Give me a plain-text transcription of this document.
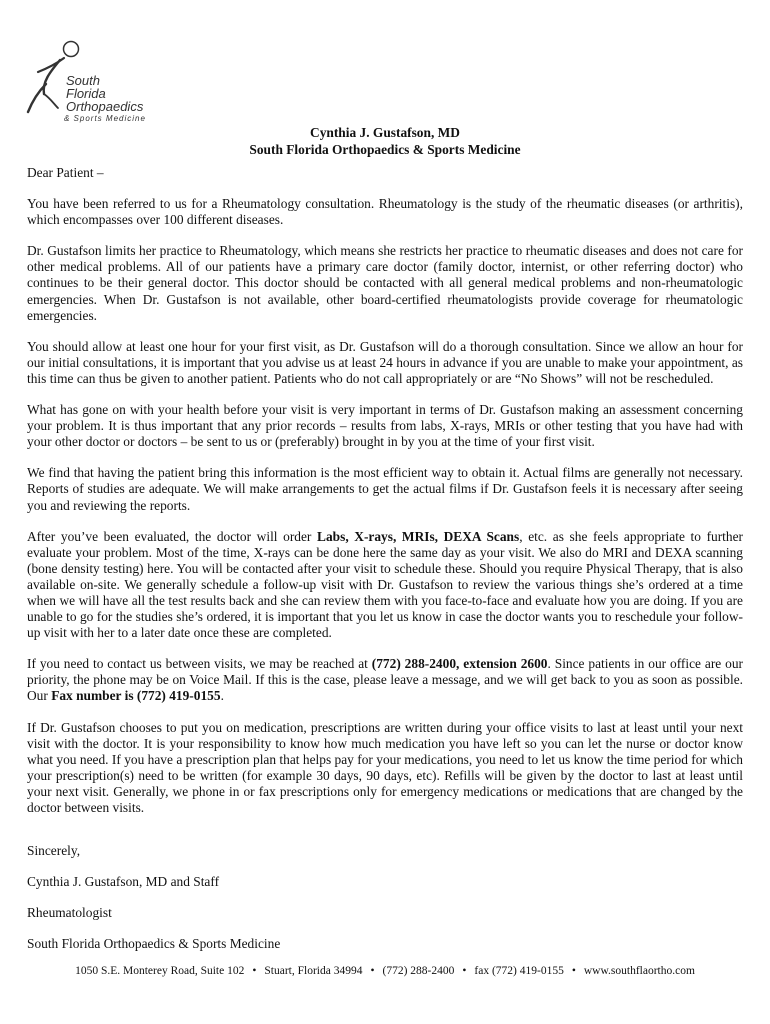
South
Florida
Orthopaedics
& Sports Medicine
Cynthia J. Gustafson, MD
South Florida Orthopaedics & Sports Medicine

Dear Patient –

You have been referred to us for a Rheumatology consultation. Rheumatology is the study of the rheumatic diseases (or arthritis), which encompasses over 100 different diseases.

Dr. Gustafson limits her practice to Rheumatology, which means she restricts her practice to rheumatic diseases and does not care for other medical problems. All of our patients have a primary care doctor (family doctor, internist, or other referring doctor) who continues to be their general doctor. This doctor should be contacted with all general medical problems and non-rheumatologic emergencies. When Dr. Gustafson is not available, other board-certified rheumatologists provide coverage for rheumatologic emergencies.

You should allow at least one hour for your first visit, as Dr. Gustafson will do a thorough consultation. Since we allow an hour for our initial consultations, it is important that you advise us at least 24 hours in advance if you are unable to make your appointment, as this time can thus be given to another patient. Patients who do not call appropriately or are “No Shows” will not be rescheduled.

What has gone on with your health before your visit is very important in terms of Dr. Gustafson making an assessment concerning your problem. It is thus important that any prior records – results from labs, X-rays, MRIs or other testing that you have had with your other doctor or doctors – be sent to us or (preferably) brought in by you at the time of your first visit.

We find that having the patient bring this information is the most efficient way to obtain it. Actual films are generally not necessary. Reports of studies are adequate. We will make arrangements to get the actual films if Dr. Gustafson feels it is necessary after seeing you and reviewing the reports.

After you’ve been evaluated, the doctor will order Labs, X-rays, MRIs, DEXA Scans, etc. as she feels appropriate to further evaluate your problem. Most of the time, X-rays can be done here the same day as your visit. We also do MRI and DEXA scanning (bone density testing) here. You will be contacted after your visit to schedule these. Should you require Physical Therapy, that is also available on-site. We generally schedule a follow-up visit with Dr. Gustafson to review the various things she’s ordered at a time when we will have all the test results back and she can review them with you face-to-face and evaluate how you are doing. If you are unable to go for the studies she’s ordered, it is important that you let us know in case the doctor wants you to reschedule your follow-up visit with her to a later date once these are completed.

If you need to contact us between visits, we may be reached at (772) 288-2400, extension 2600. Since patients in our office are our priority, the phone may be on Voice Mail. If this is the case, please leave a message, and we will get back to you as soon as possible. Our Fax number is (772) 419-0155.

If Dr. Gustafson chooses to put you on medication, prescriptions are written during your office visits to last at least until your next visit with the doctor. It is your responsibility to know how much medication you have left so you can let the nurse or doctor know what you need. If you have a prescription plan that helps pay for your medications, you need to let us know the time period for which your prescription(s) need to be written (for example 30 days, 90 days, etc). Refills will be given by the doctor to last at least until your next visit. Generally, we phone in or fax prescriptions only for emergency medications or medications that are changed by the doctor between visits.

Sincerely,

Cynthia J. Gustafson, MD and Staff

Rheumatologist

South Florida Orthopaedics & Sports Medicine

1050 S.E. Monterey Road, Suite 102 • Stuart, Florida 34994 • (772) 288-2400 • fax (772) 419-0155 • www.southflaortho.com
